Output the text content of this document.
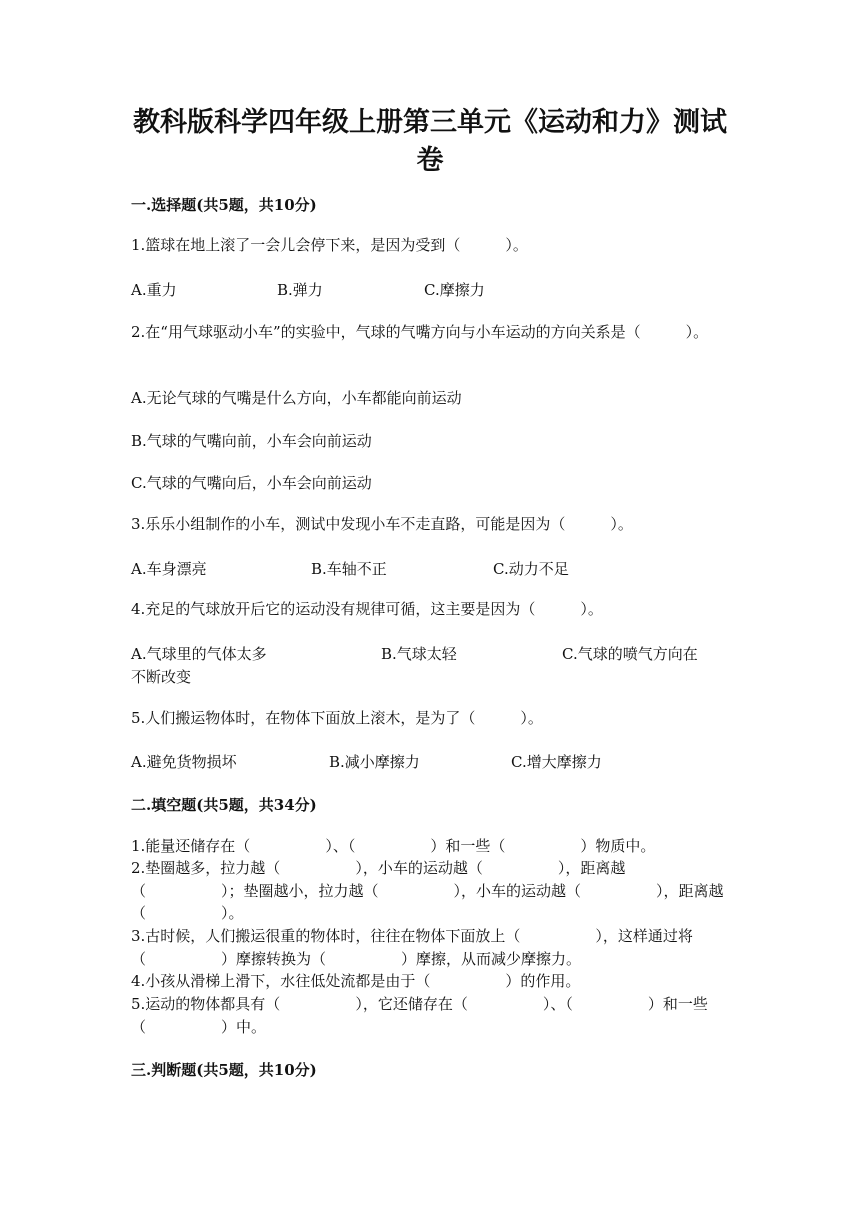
教科版科学四年级上册第三单元《运动和力》测试卷
一.选择题(共5题，共10分)
1.篮球在地上滚了一会儿会停下来，是因为受到（　　　）。
A.重力	B.弹力	C.摩擦力
2.在“用气球驱动小车”的实验中，气球的气嘴方向与小车运动的方向关系是（　　　）。
A.无论气球的气嘴是什么方向，小车都能向前运动
B.气球的气嘴向前，小车会向前运动
C.气球的气嘴向后，小车会向前运动
3.乐乐小组制作的小车，测试中发现小车不走直路，可能是因为（　　　）。
A.车身漂亮	B.车轴不正	C.动力不足
4.充足的气球放开后它的运动没有规律可循，这主要是因为（　　　）。
A.气球里的气体太多	B.气球太轻	C.气球的喷气方向在
不断改变
5.人们搬运物体时，在物体下面放上滚木，是为了（　　　）。
A.避免货物损坏	B.减小摩擦力	C.增大摩擦力
二.填空题(共5题，共34分)
1.能量还储存在（　　　　　）、（　　　　　）和一些（　　　　　）物质中。
2.垫圈越多，拉力越（　　　　　），小车的运动越（　　　　　），距离越（　　　　　）；垫圈越小，拉力越（　　　　　），小车的运动越（　　　　　），距离越（　　　　　）。
3.古时候，人们搬运很重的物体时，往往在物体下面放上（　　　　　），这样通过将（　　　　　）摩擦转换为（　　　　　）摩擦，从而减少摩擦力。
4.小孩从滑梯上滑下，水往低处流都是由于（　　　　　）的作用。
5.运动的物体都具有（　　　　　），它还储存在（　　　　　）、（　　　　　）和一些（　　　　　）中。
三.判断题(共5题，共10分)
